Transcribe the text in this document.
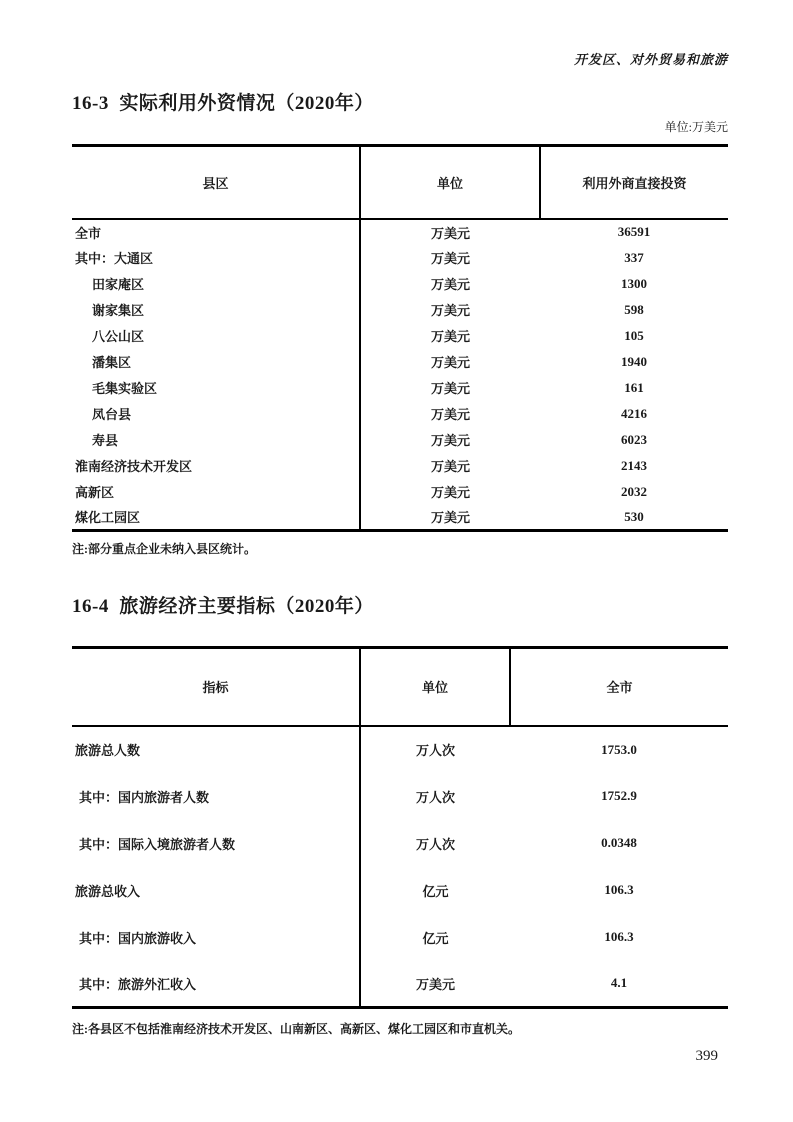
开发区、对外贸易和旅游
16-3  实际利用外资情况（2020年）
单位:万美元
县区	单位	利用外商直接投资
全市	万美元	36591
其中：大通区	万美元	337
田家庵区	万美元	1300
谢家集区	万美元	598
八公山区	万美元	105
潘集区	万美元	1940
毛集实验区	万美元	161
凤台县	万美元	4216
寿县	万美元	6023
淮南经济技术开发区	万美元	2143
高新区	万美元	2032
煤化工园区	万美元	530
注:部分重点企业未纳入县区统计。
16-4  旅游经济主要指标（2020年）
指标	单位	全市
旅游总人数	万人次	1753.0
其中：国内旅游者人数	万人次	1752.9
其中：国际入境旅游者人数	万人次	0.0348
旅游总收入	亿元	106.3
其中：国内旅游收入	亿元	106.3
其中：旅游外汇收入	万美元	4.1
注:各县区不包括淮南经济技术开发区、山南新区、高新区、煤化工园区和市直机关。
399
